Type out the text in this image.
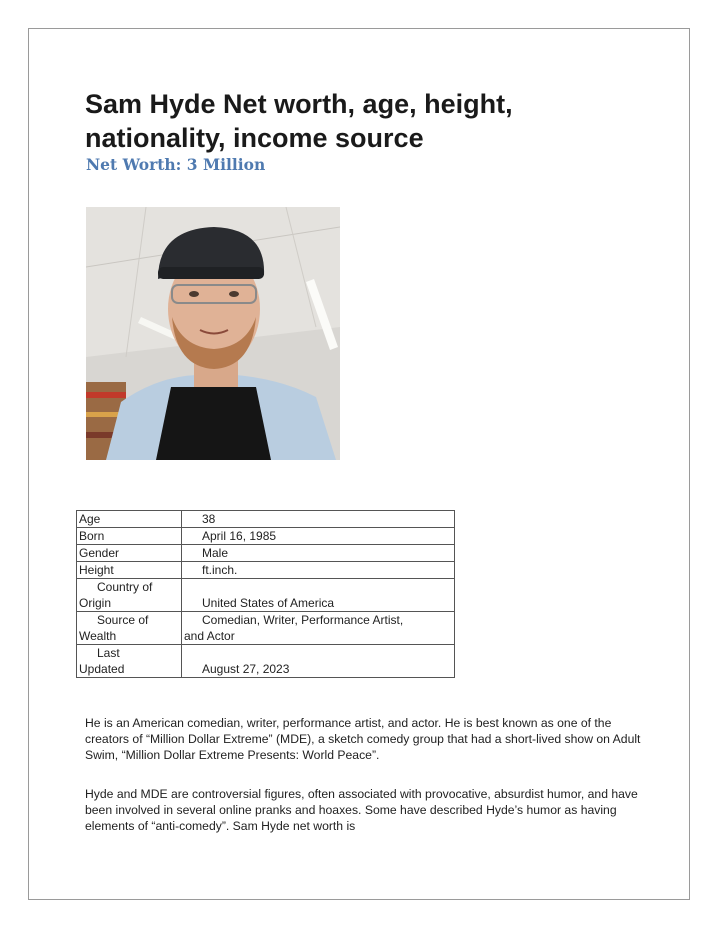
Sam Hyde Net worth, age, height, nationality, income source
Net Worth: 3 Million
Age	38
Born	April 16, 1985
Gender	Male
Height	ft.inch.

Country of
Origin	United States of America

Source of
Wealth	Comedian, Writer, Performance Artist,
and Actor

Last
Updated	August 27, 2023

He is an American comedian, writer, performance artist, and actor. He is best known as one of the creators of “Million Dollar Extreme” (MDE), a sketch comedy group that had a short-lived show on Adult Swim, “Million Dollar Extreme Presents: World Peace”.

Hyde and MDE are controversial figures, often associated with provocative, absurdist humor, and have been involved in several online pranks and hoaxes. Some have described Hyde’s humor as having elements of “anti-comedy”. Sam Hyde net worth is
